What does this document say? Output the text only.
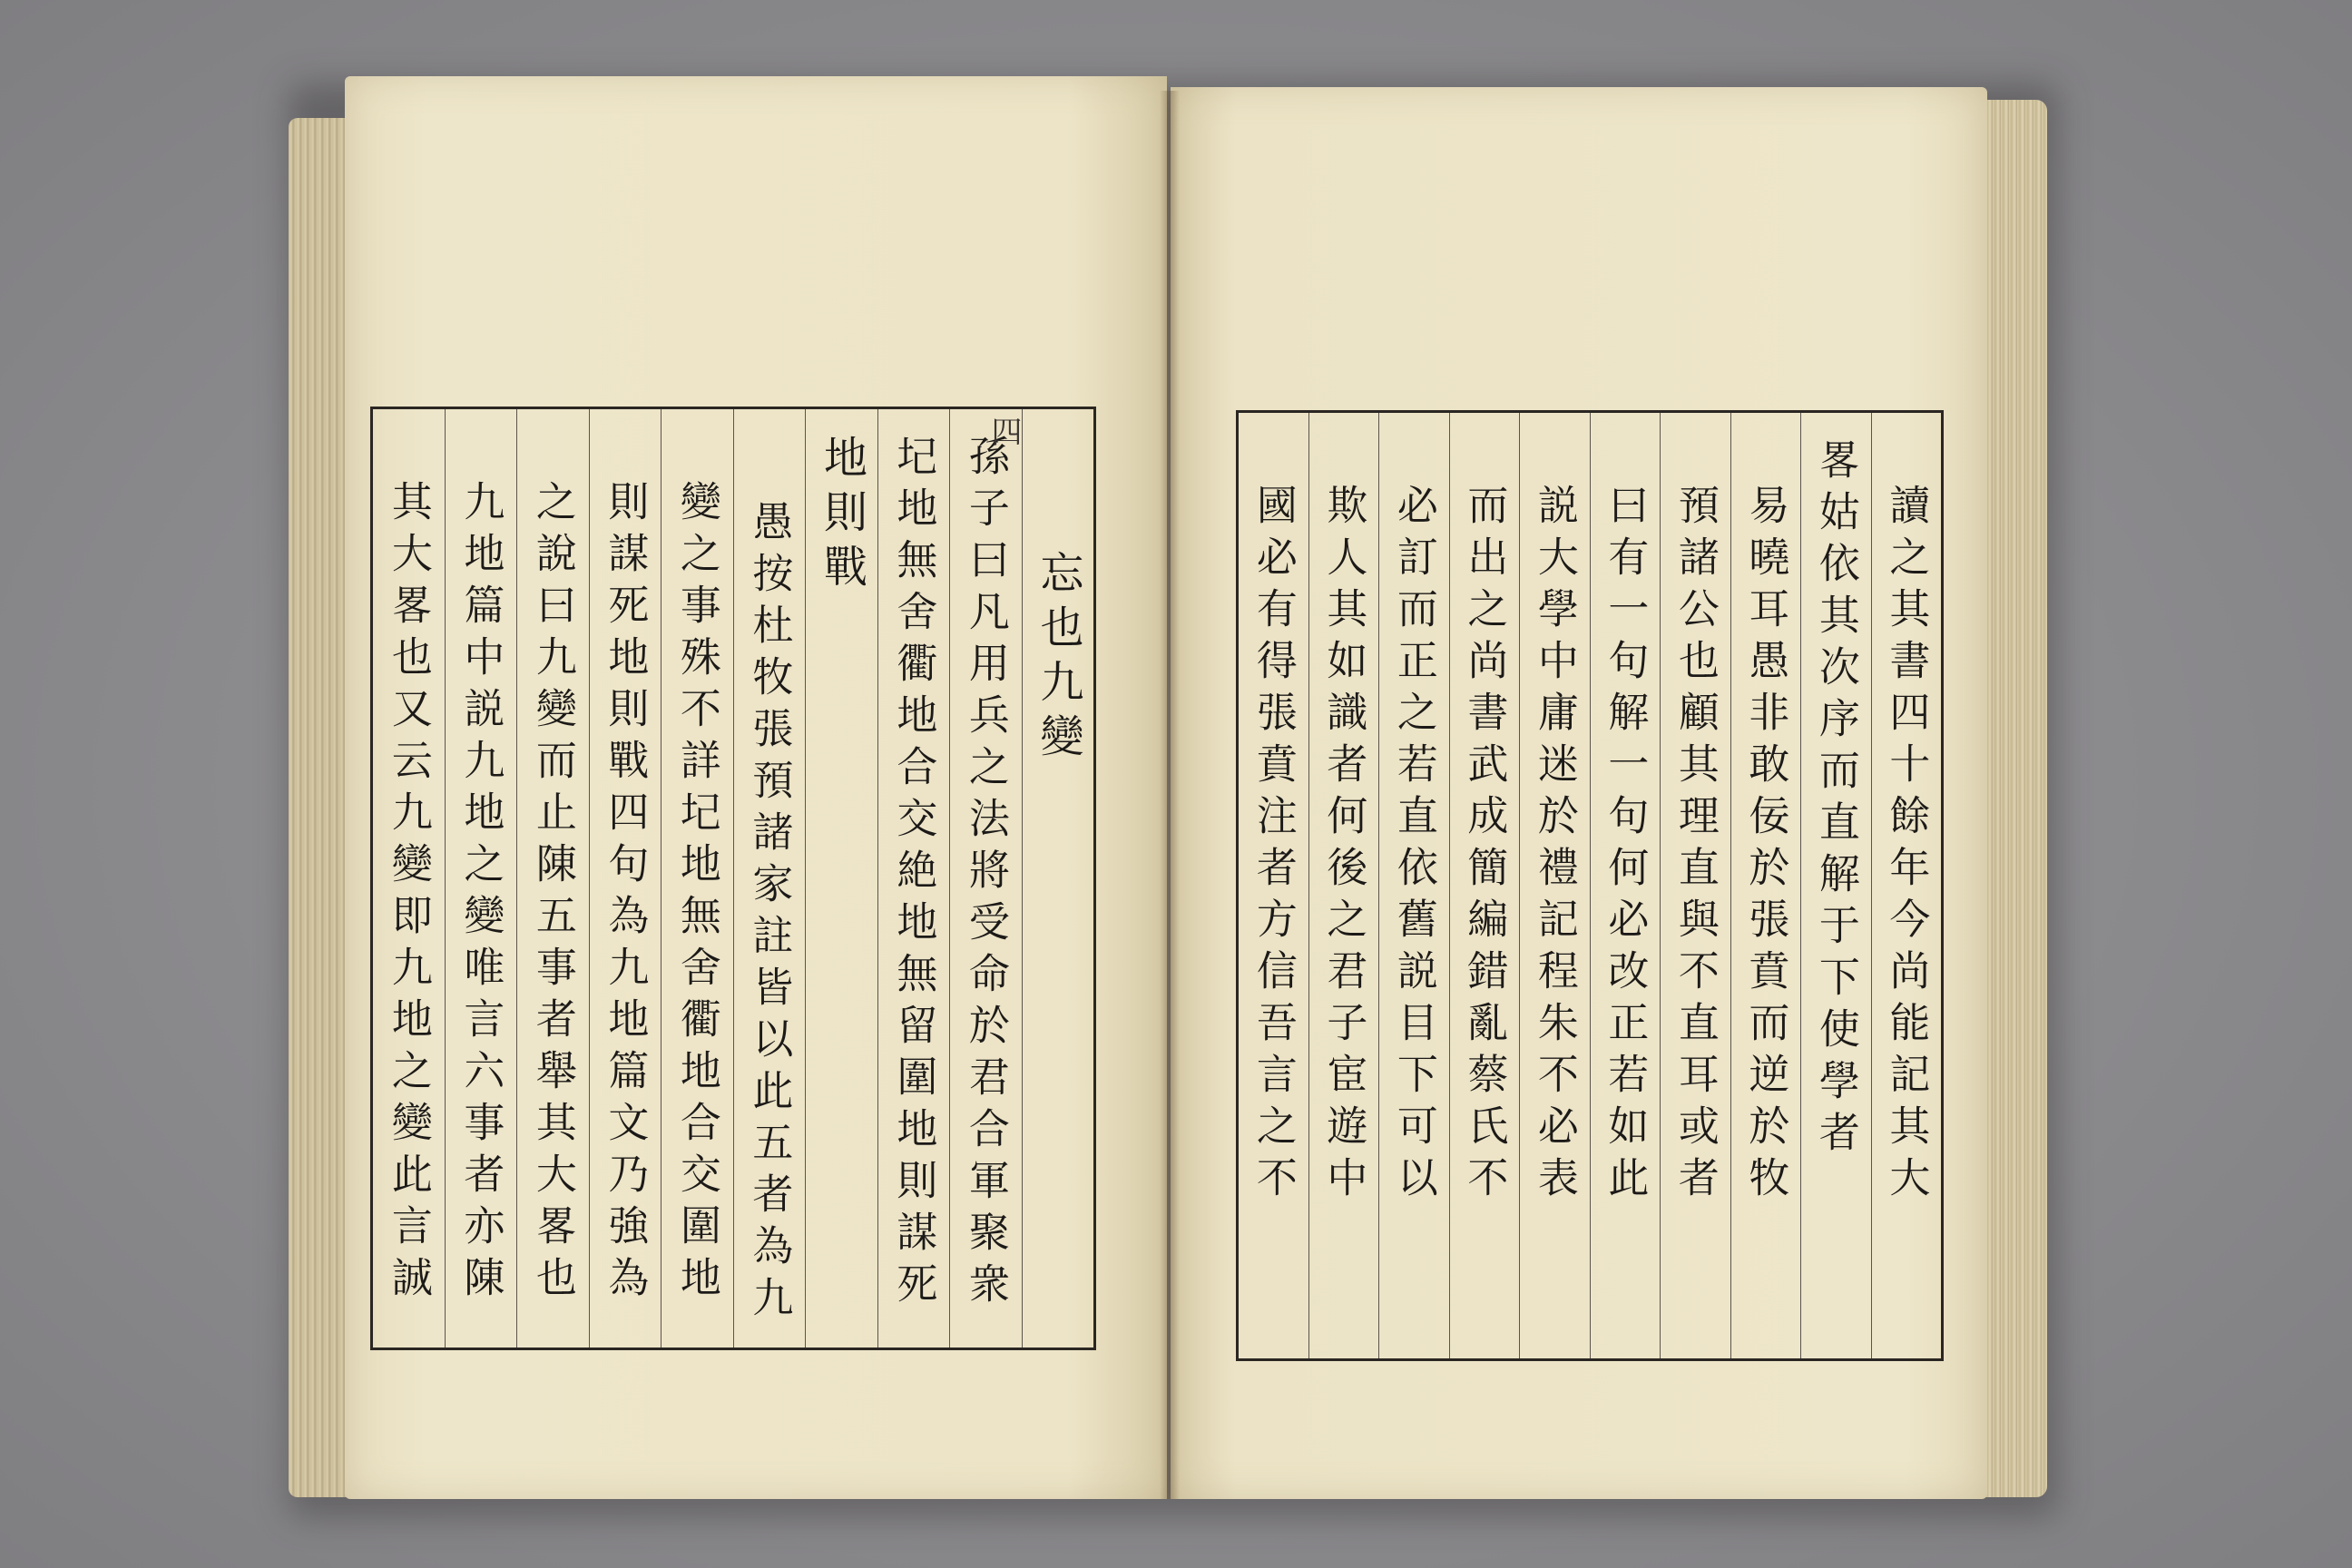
忘也九變
孫子曰凡用兵之法將受命於君合軍聚衆
圮地無舍衢地合交絶地無留圍地則謀死
地則戰
愚按杜牧張預諸家註皆以此五者為九
變之事殊不詳圮地無舍衢地合交圍地
則謀死地則戰四句為九地篇文乃強為
之說曰九變而止陳五事者舉其大畧也
九地篇中説九地之變唯言六事者亦陳
其大畧也又云九變即九地之變此言誠
四
讀之其書四十餘年今尚能記其大
畧姑依其次序而直解于下使學者
易曉耳愚非敢佞於張賁而逆於牧
預諸公也顧其理直與不直耳或者
曰有一句解一句何必改正若如此
説大學中庸迷於禮記程朱不必表
而出之尚書武成簡編錯亂蔡氏不
必訂而正之若直依舊説目下可以
欺人其如識者何後之君子宦遊中
國必有得張賁注者方信吾言之不
